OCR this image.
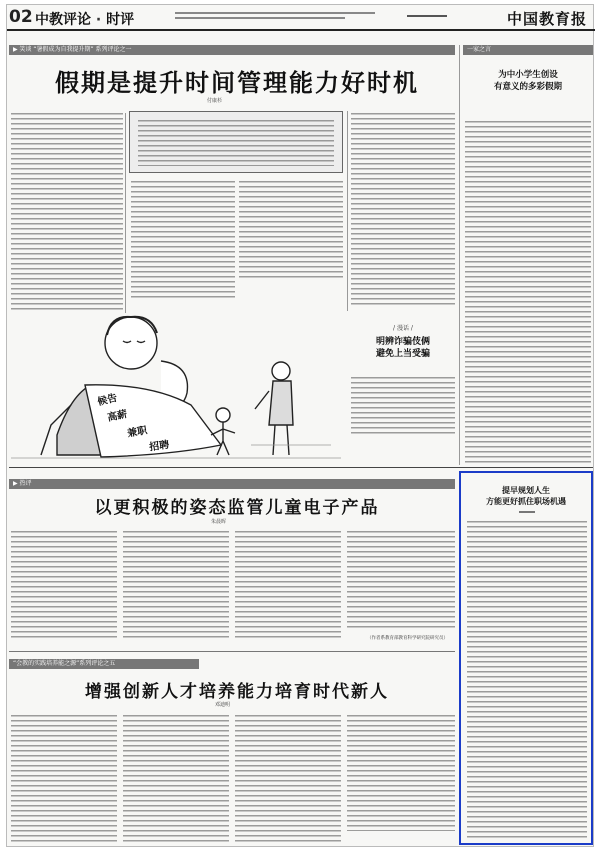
02 中教评论 · 时评	中国教育报
▶ 笑谈 “暑假成为自我提升期” 系列评论之一
假期是提升时间管理能力好时机
付康杉
候告
高薪
兼职
招聘
/ 漫话 /
明辨诈骗伎俩
避免上当受骗
一家之言
为中小学生创设
有意义的多彩假期
▶ 热评
以更积极的姿态监管儿童电子产品
朱晨晖
（作者系教育部教育科学研究院研究员）
“会教的实践培养能之源”系列评论之五
增强创新人才培养能力培育时代新人
邓迪明
提早规划人生
方能更好抓住职场机遇
